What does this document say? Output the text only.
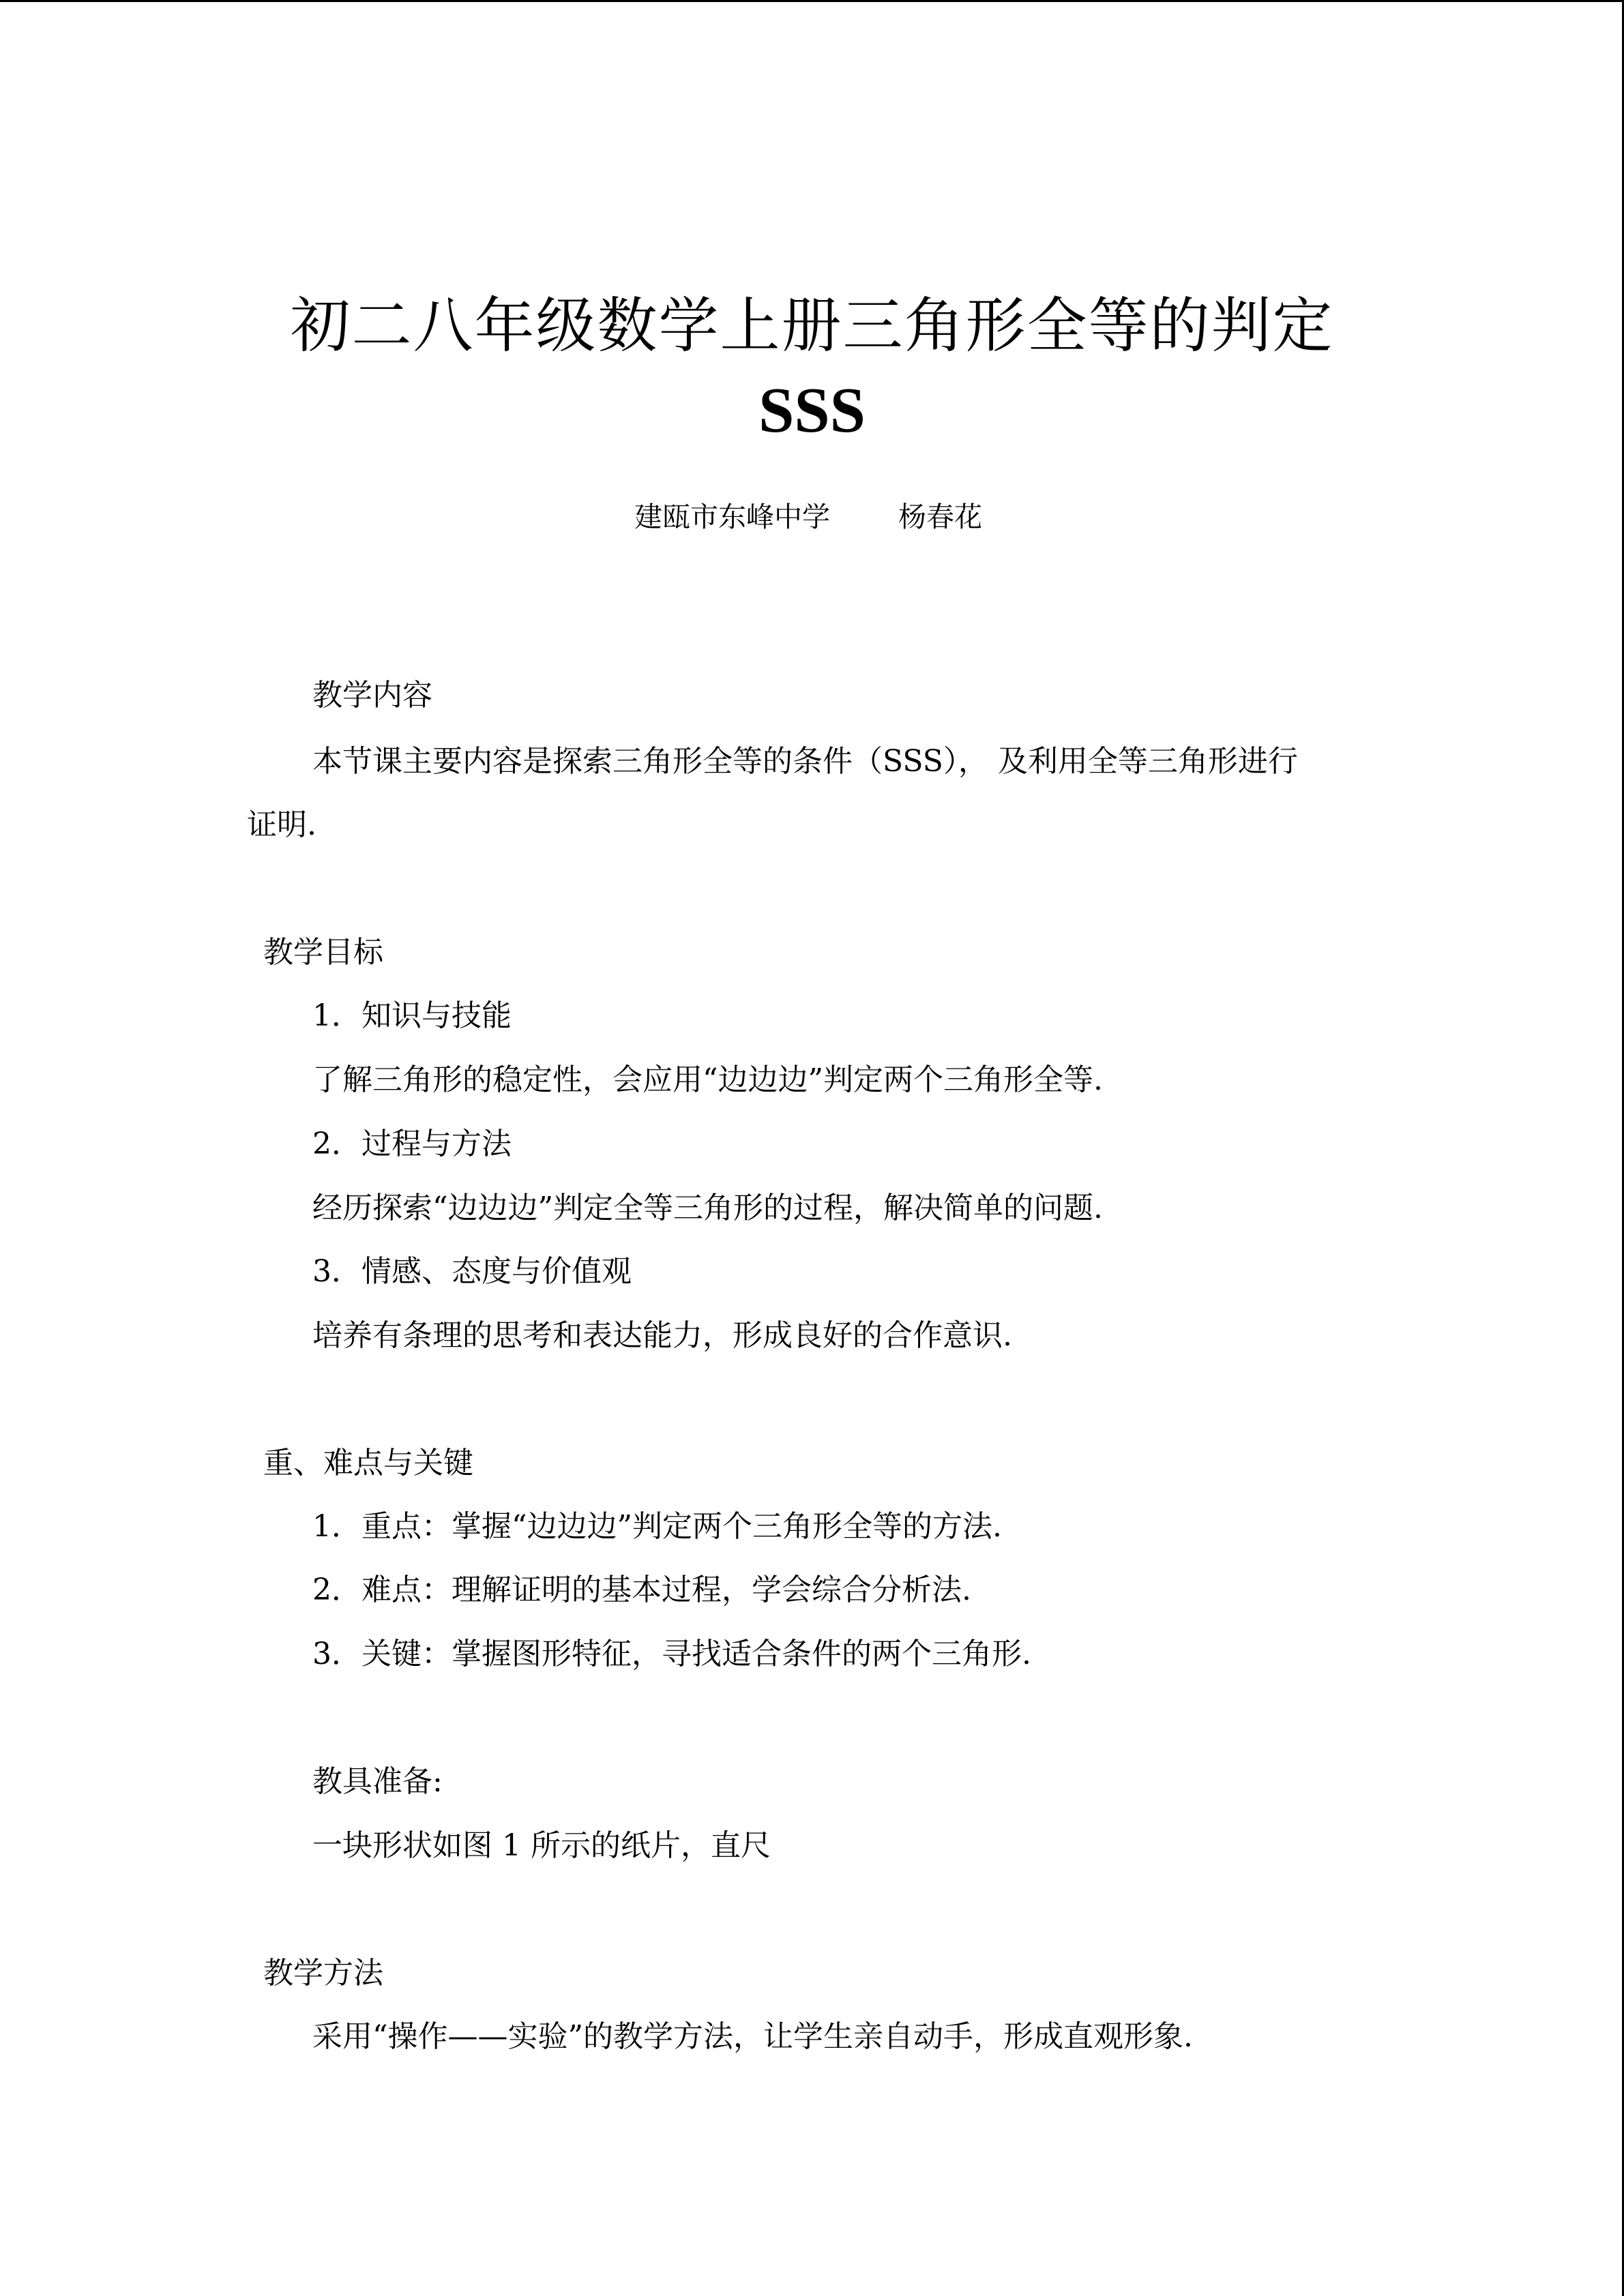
初二八年级数学上册三角形全等的判定
SSS
建瓯市东峰中学 杨春花
教学内容
本节课主要内容是探索三角形全等的条件（SSS）， 及利用全等三角形进行
证明.
教学目标
1．知识与技能
了解三角形的稳定性，会应用“边边边”判定两个三角形全等.
2．过程与方法
经历探索“边边边”判定全等三角形的过程，解决简单的问题.
3．情感、态度与价值观
培养有条理的思考和表达能力，形成良好的合作意识.
重、难点与关键
1．重点：掌握“边边边”判定两个三角形全等的方法.
2．难点：理解证明的基本过程，学会综合分析法.
3．关键：掌握图形特征，寻找适合条件的两个三角形.
教具准备:
一块形状如图 1 所示的纸片，直尺
教学方法
采用“操作——实验”的教学方法，让学生亲自动手，形成直观形象.
